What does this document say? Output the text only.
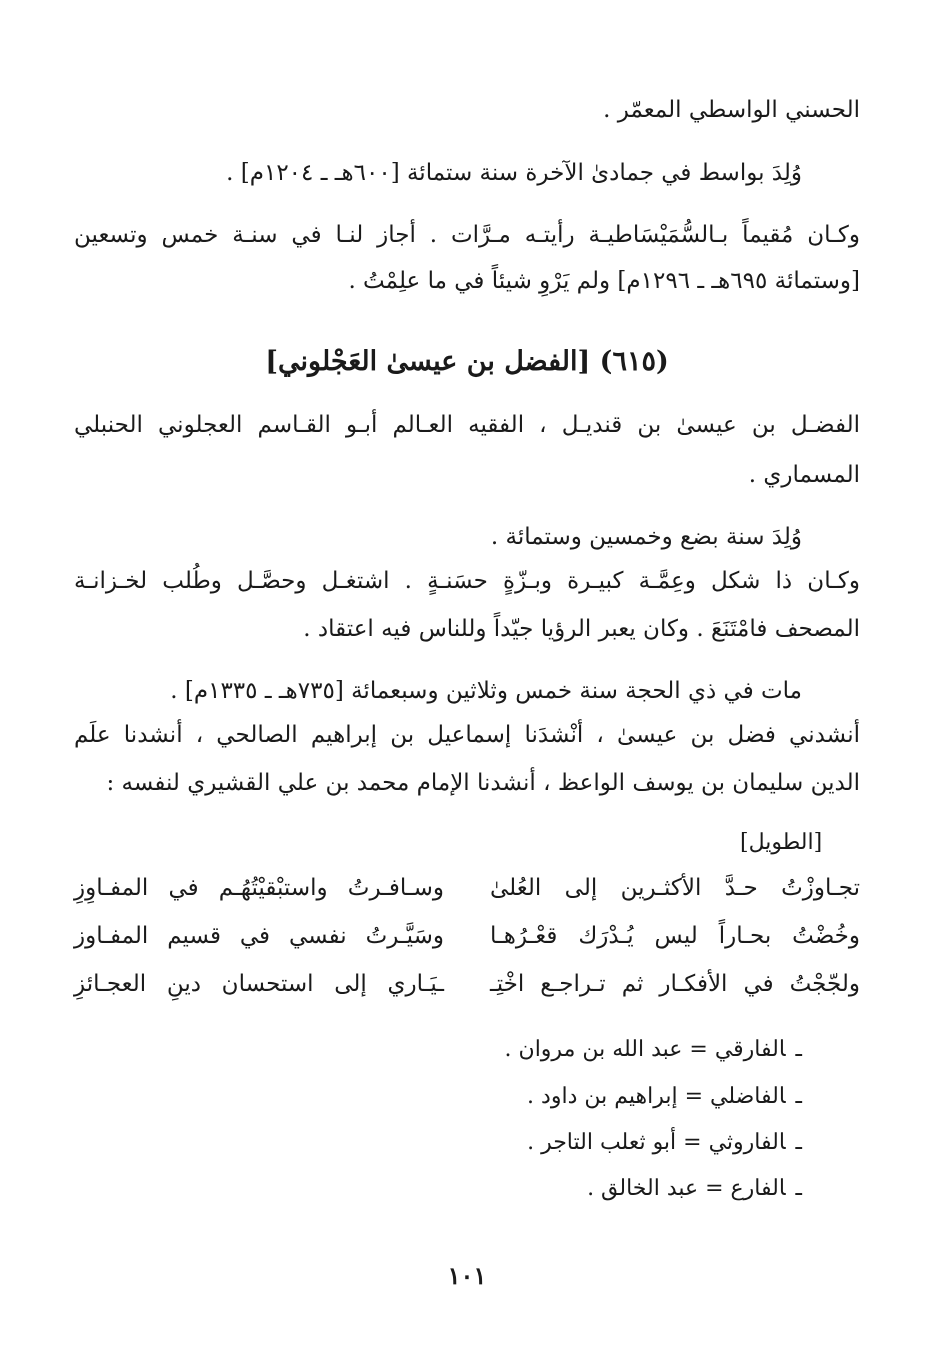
الحسني الواسطي المعمّر .
وُلِدَ بواسط في جمادىٰ الآخرة سنة ستمائة [٦٠٠هـ ـ ١٢٠٤م] .
وكـان مُقيماً بـالسُّمَيْسَاطيـة رأيتـه مـرَّات . أجاز لنـا في سنـة خمس وتسعين
[وستمائة ٦٩٥هـ ـ ١٢٩٦م] ولم يَرْوِ شيئاً في ما علِمْتُ .
(٦١٥) [الفضل بن عيسىٰ العَجْلوني]
الفضـل بن عيسىٰ بن قنديـل ، الفقيه العـالم أبـو القـاسم العجلوني الحنبلي
المسماري .
وُلِدَ سنة بضع وخمسين وستمائة .
وكـان ذا شكل وعِمَّـة كبيـرة وبـزّةٍ حسَنـةٍ . اشتغـل وحصَّـل وطُلب لخـزانـة
المصحف فامْتَنَعَ . وكان يعبر الرؤيا جيّداً وللناس فيه اعتقاد .
مات في ذي الحجة سنة خمس وثلاثين وسبعمائة [٧٣٥هـ ـ ١٣٣٥م] .
أنشدني فضل بن عيسىٰ ، أنْشدَنا إسماعيل بن إبراهيم الصالحي ، أنشدنا علَم
الدين سليمان بن يوسف الواعظ ، أنشدنا الإمام محمد بن علي القشيري لنفسه :
[الطويل]
تجـاوزْتُ حـدَّ الأكثـرين إلى العُلىٰ
وسـافـرتُ واستبْقيْتُهُـم في المفـاوِزِ
وخُضْتُ بحـاراً ليس يُـدْرَك قعْـرُهـا
وسَيَّـرتُ نفسي في قسيم المفـاوز
ولجّجْتُ في الأفكـار ثم تـراجـع اخْتِـ
ـيَـاري إلى استحسان دينِ العجـائزِ
ـالفارقي = عبد الله بن مروان .
ـالفاضلي = إبراهيم بن داود .
ـالفاروثي = أبو ثعلب التاجر .
ـالفارع = عبد الخالق .
١٠١
